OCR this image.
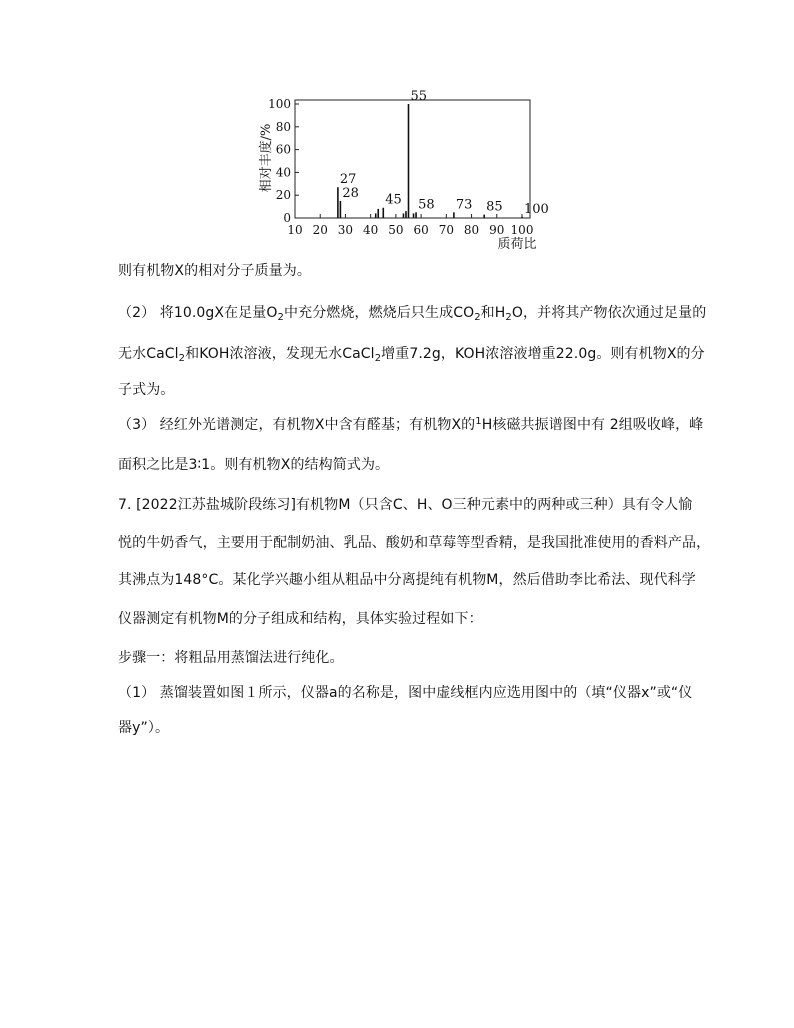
相对丰度/%
0
20
40
60
80
100
10 20 30 40 50 60 70 80 90 100
27
28 45
55
58 73 85 100
质荷比
则有机物X的相对分子质量为。
（2） 将10.0gX在足量$O_2$中充分燃烧，燃烧后只生成$CO_2$和$H_2O$，并将其产物依次通过足量的
无水CaCl$_2$和KOH浓溶液，发现无水CaCl$_2$增重7.2g，KOH浓溶液增重22.0g。则有机物X的分
子式为。
（3） 经红外光谱测定，有机物X中含有醛基；有机物X的$^1$H核磁共振谱图中有 2组吸收峰，峰
面积之比是3∶1。则有机物X的结构简式为。
7. [2022江苏盐城阶段练习]有机物M（只含C、H、O三种元素中的两种或三种）具有令人愉
悦的牛奶香气，主要用于配制奶油、乳品、酸奶和草莓等型香精，是我国批准使用的香料产品，
其沸点为148°C。某化学兴趣小组从粗品中分离提纯有机物M，然后借助李比希法、现代科学
仪器测定有机物M的分子组成和结构，具体实验过程如下：
步骤一：将粗品用蒸馏法进行纯化。
（1） 蒸馏装置如图１所示，仪器a的名称是，图中虚线框内应选用图中的（填“仪器x”或“仪
器y”）。
